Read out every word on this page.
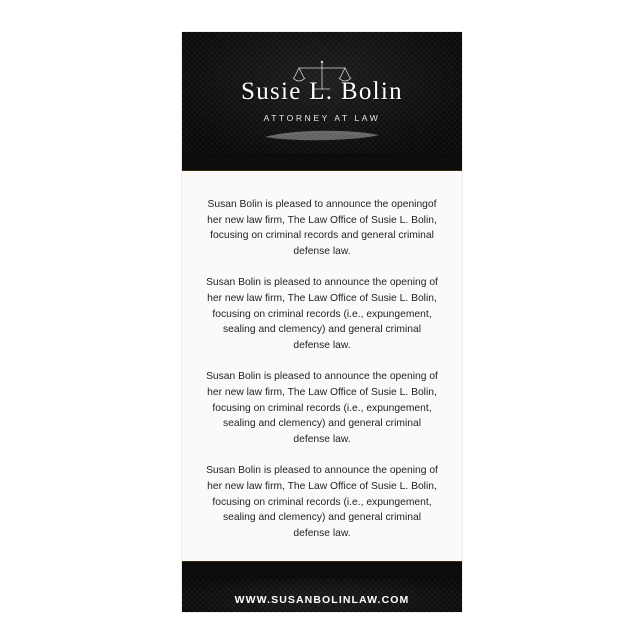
Susie L. Bolin
ATTORNEY AT LAW

Susan Bolin is pleased to announce the openingof her new law firm, The Law Office of Susie L. Bolin, focusing on criminal records and general criminal defense law.

Susan Bolin is pleased to announce the opening of her new law firm, The Law Office of Susie L. Bolin, focusing on criminal records (i.e., expungement, sealing and clemency) and general criminal defense law.

Susan Bolin is pleased to announce the opening of her new law firm, The Law Office of Susie L. Bolin, focusing on criminal records (i.e., expungement, sealing and clemency) and general criminal defense law.

Susan Bolin is pleased to announce the opening of her new law firm, The Law Office of Susie L. Bolin, focusing on criminal records (i.e., expungement, sealing and clemency) and general criminal defense law.

WWW.SUSANBOLINLAW.COM
